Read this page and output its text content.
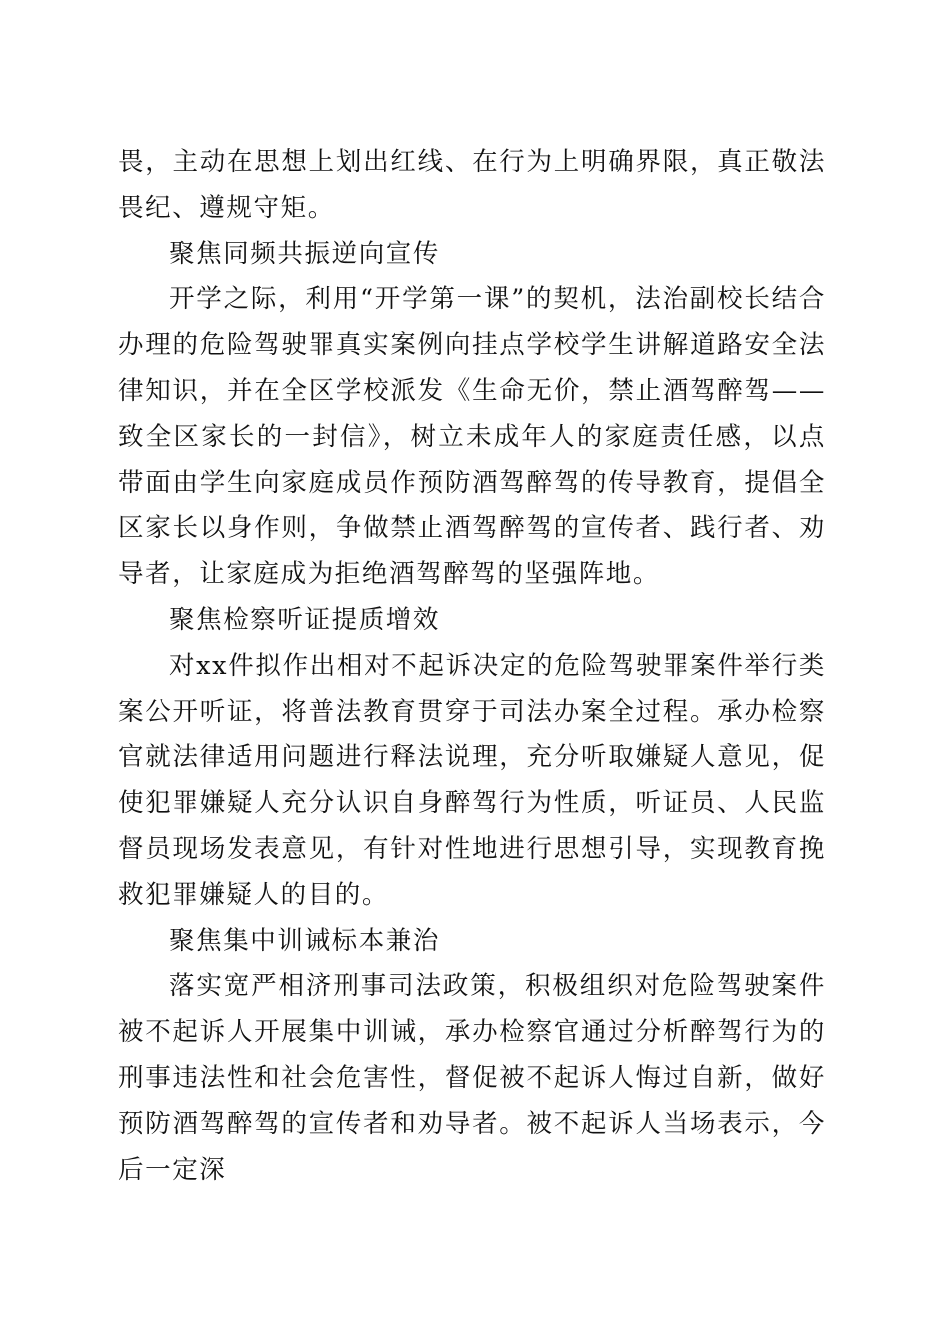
畏，主动在思想上划出红线、在行为上明确界限，真正敬法畏纪、遵规守矩。

聚焦同频共振逆向宣传

开学之际，利用“开学第一课”的契机，法治副校长结合办理的危险驾驶罪真实案例向挂点学校学生讲解道路安全法律知识，并在全区学校派发《生命无价，禁止酒驾醉驾——致全区家长的一封信》，树立未成年人的家庭责任感，以点带面由学生向家庭成员作预防酒驾醉驾的传导教育，提倡全区家长以身作则，争做禁止酒驾醉驾的宣传者、践行者、劝导者，让家庭成为拒绝酒驾醉驾的坚强阵地。

聚焦检察听证提质增效

对xx件拟作出相对不起诉决定的危险驾驶罪案件举行类案公开听证，将普法教育贯穿于司法办案全过程。承办检察官就法律适用问题进行释法说理，充分听取嫌疑人意见，促使犯罪嫌疑人充分认识自身醉驾行为性质，听证员、人民监督员现场发表意见，有针对性地进行思想引导，实现教育挽救犯罪嫌疑人的目的。

聚焦集中训诫标本兼治

落实宽严相济刑事司法政策，积极组织对危险驾驶案件被不起诉人开展集中训诫，承办检察官通过分析醉驾行为的刑事违法性和社会危害性，督促被不起诉人悔过自新，做好预防酒驾醉驾的宣传者和劝导者。被不起诉人当场表示，今后一定深
